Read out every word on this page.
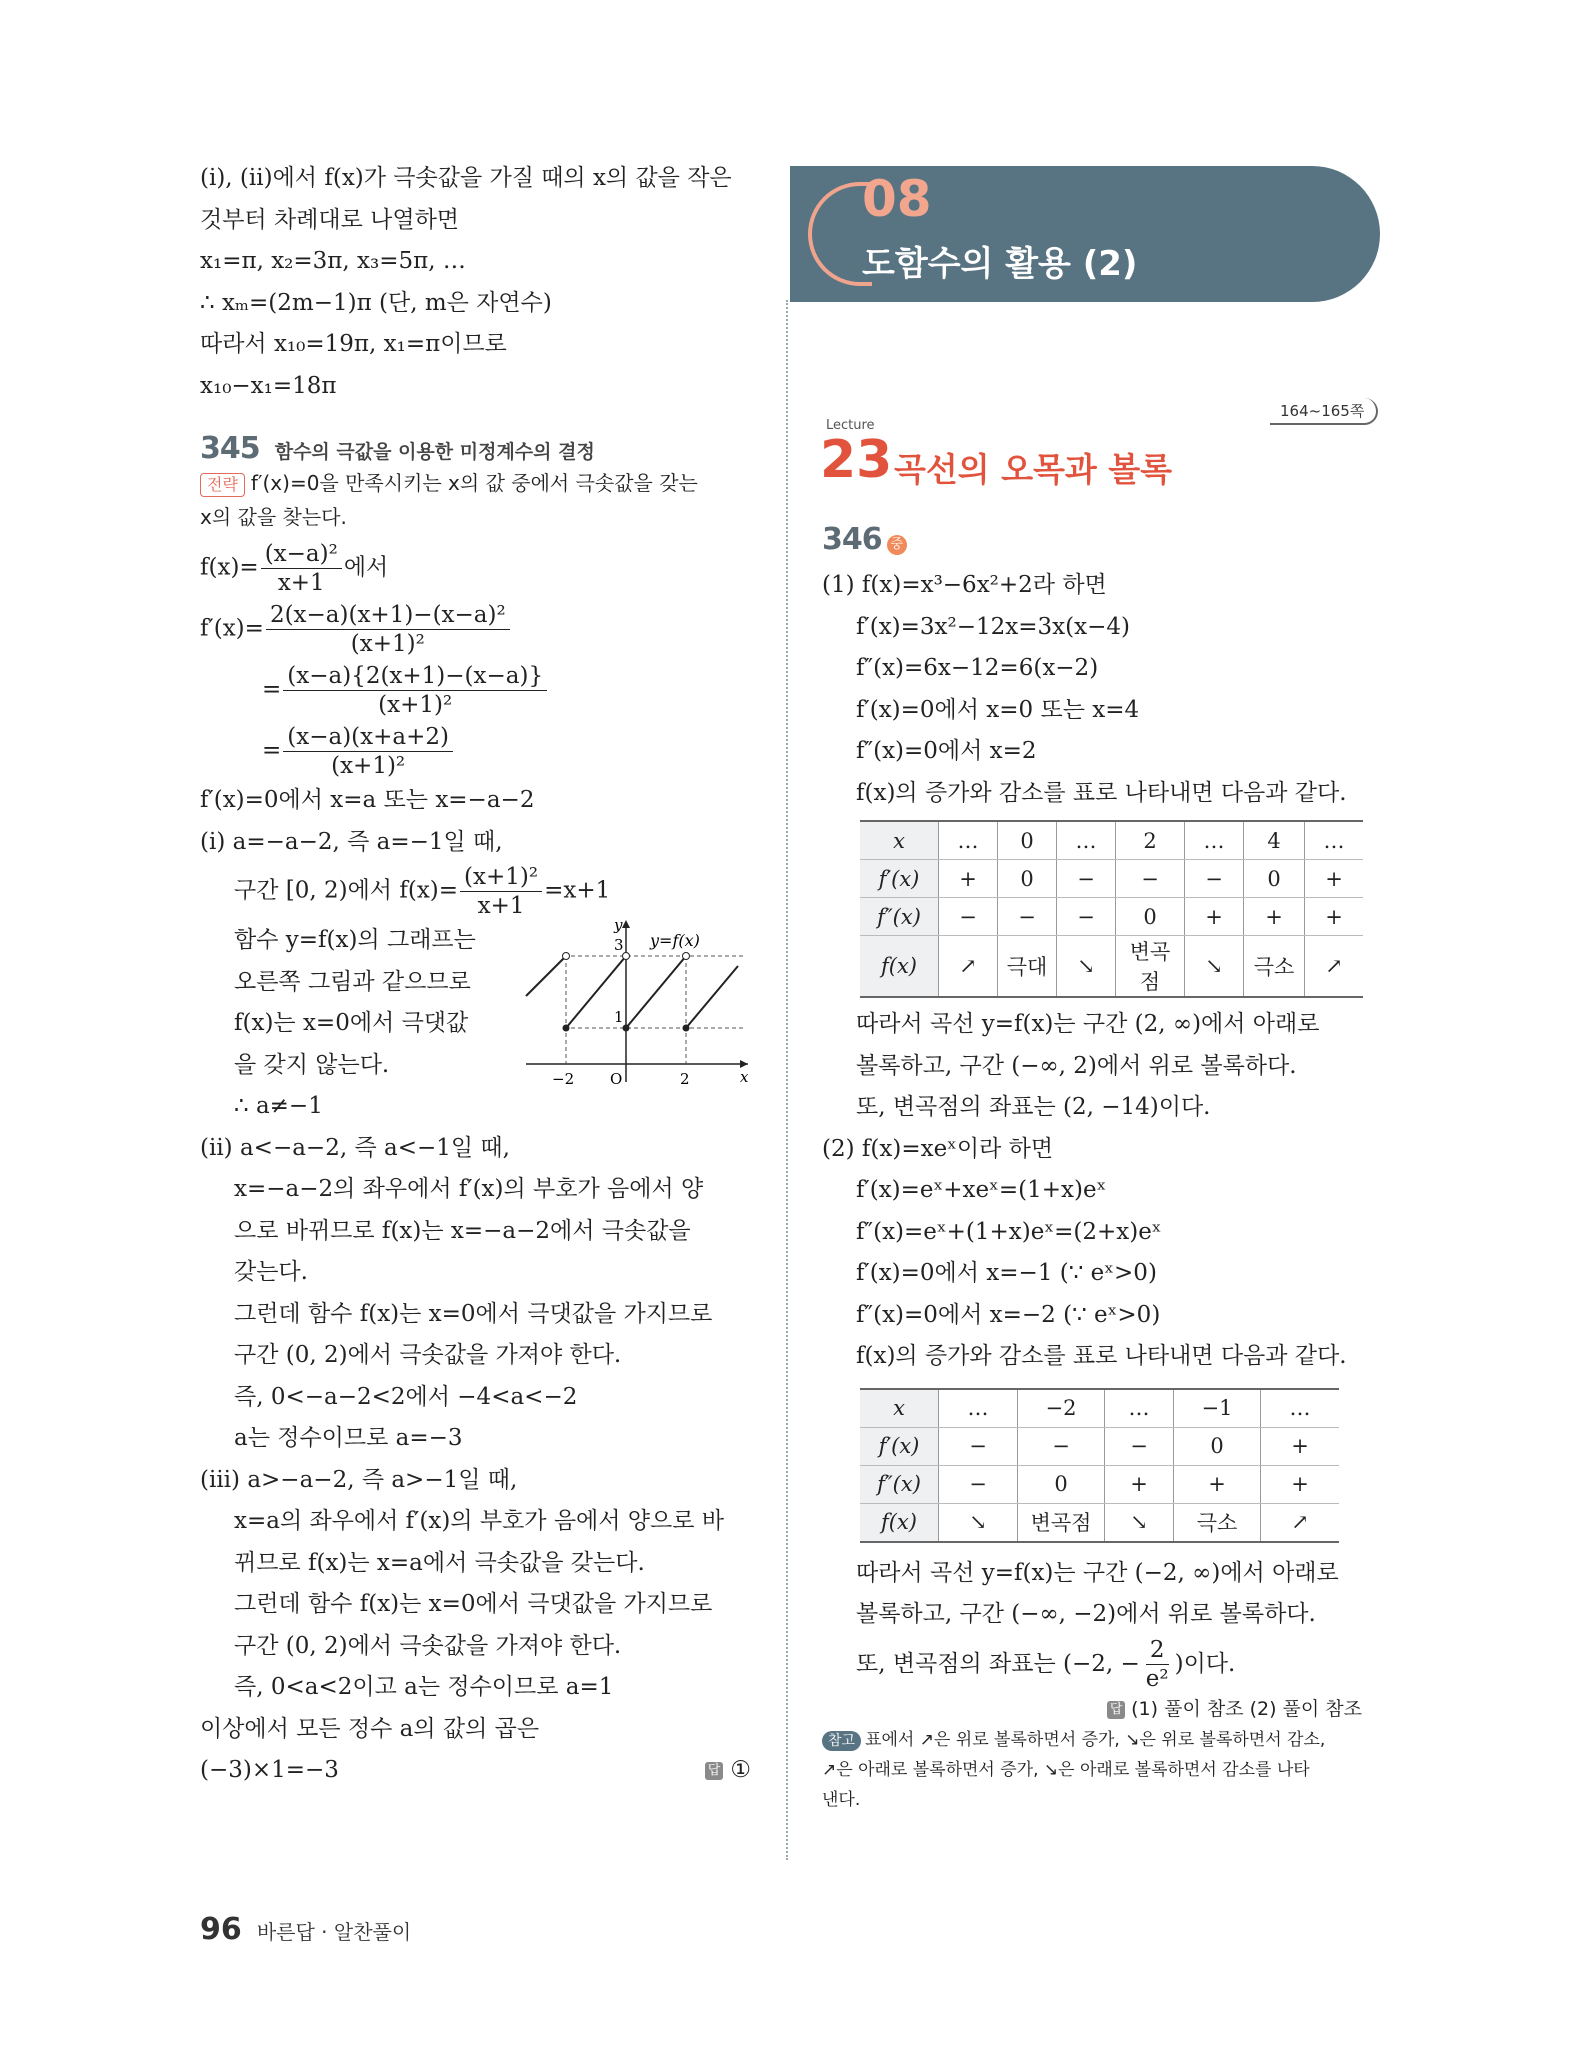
(ⅰ), (ⅱ)에서 f(x)가 극솟값을 가질 때의 x의 값을 작은
것부터 차례대로 나열하면
x₁=π, x₂=3π, x₃=5π, …
∴ xₘ=(2m−1)π (단, m은 자연수)
따라서 x₁₀=19π, x₁=π이므로
x₁₀−x₁=18π
345 함수의 극값을 이용한 미정계수의 결정
전략 f′(x)=0을 만족시키는 x의 값 중에서 극솟값을 갖는
x의 값을 찾는다.
$f(x)= \frac{\text{(x−a)²}}{x+1}$ 에서
$f'(x)= \frac{\text{2(x−a)(x+1)−(x−a)²}}{\text{(x+1)²}}$
= $\frac{(x-a)\{2(x+1)-(x-a)\}}{\text{(x+1)²}}$
= $\frac{(x-a)(x+a+2)}{\text{(x+1)²}}$
f′(x)=0에서 x=a 또는 x=−a−2
(ⅰ) a=−a−2, 즉 a=−1일 때,
구간 [0, 2)에서 $f(x)= \frac{\text{(x+1)²}}{x+1} =x+1$
함수 y=f(x)의 그래프는
오른쪽 그림과 같으므로
f(x)는 x=0에서 극댓값
을 갖지 않는다.
y
x
y=f(x)
3
1
−2 O	2
∴ a≠−1
(ⅱ) a<−a−2, 즉 a<−1일 때,
x=−a−2의 좌우에서 f′(x)의 부호가 음에서 양
으로 바뀌므로 f(x)는 x=−a−2에서 극솟값을
갖는다.
그런데 함수 f(x)는 x=0에서 극댓값을 가지므로
구간 (0, 2)에서 극솟값을 가져야 한다.
즉, 0<−a−2<2에서 −4<a<−2
a는 정수이므로 a=−3
(ⅲ) a>−a−2, 즉 a>−1일 때,
x=a의 좌우에서 f′(x)의 부호가 음에서 양으로 바
뀌므로 f(x)는 x=a에서 극솟값을 갖는다.
그런데 함수 f(x)는 x=0에서 극댓값을 가지므로
구간 (0, 2)에서 극솟값을 가져야 한다.
즉, 0<a<2이고 a는 정수이므로 a=1
이상에서 모든 정수 a의 값의 곱은
(−3)×1=−3	답 ①
08
도함수의 활용 (2)
164~165쪽
Lecture
23 곡선의 오목과 볼록
346 중
(1) f(x)=x³−6x²+2라 하면
f′(x)=3x²−12x=3x(x−4)
f″(x)=6x−12=6(x−2)
f′(x)=0에서 x=0 또는 x=4
f″(x)=0에서 x=2
f(x)의 증가와 감소를 표로 나타내면 다음과 같다.
x	…	0	…	2	…	4	…
f′(x)	+	0	−	−	−	0	+
f″(x)	−	−	−	0	+	+	+
f(x)	↗	극대	↘	변곡점	↘	극소	↗
따라서 곡선 y=f(x)는 구간 (2, ∞)에서 아래로
볼록하고, 구간 (−∞, 2)에서 위로 볼록하다.
또, 변곡점의 좌표는 (2, −14)이다.
(2) f(x)=xeˣ이라 하면
f′(x)=eˣ+xeˣ=(1+x)eˣ
f″(x)=eˣ+(1+x)eˣ=(2+x)eˣ
f′(x)=0에서 x=−1 (∵ eˣ>0)
f″(x)=0에서 x=−2 (∵ eˣ>0)
f(x)의 증가와 감소를 표로 나타내면 다음과 같다.
x	…	−2	…	−1	…
f′(x)	−	−	−	0	+
f″(x)	−	0	+	+	+
f(x)	↘	변곡점	↘	극소	↗
따라서 곡선 y=f(x)는 구간 (−2, ∞)에서 아래로
볼록하고, 구간 (−∞, −2)에서 위로 볼록하다.
또, 변곡점의 좌표는 (−2, − $\frac{2}{\text{e²}}$ )이다.
답 (1) 풀이 참조 (2) 풀이 참조
참고 표에서 ↗은 위로 볼록하면서 증가, ↘은 위로 볼록하면서 감소,
↗은 아래로 볼록하면서 증가, ↘은 아래로 볼록하면서 감소를 나타
낸다.
96 바른답 · 알찬풀이
